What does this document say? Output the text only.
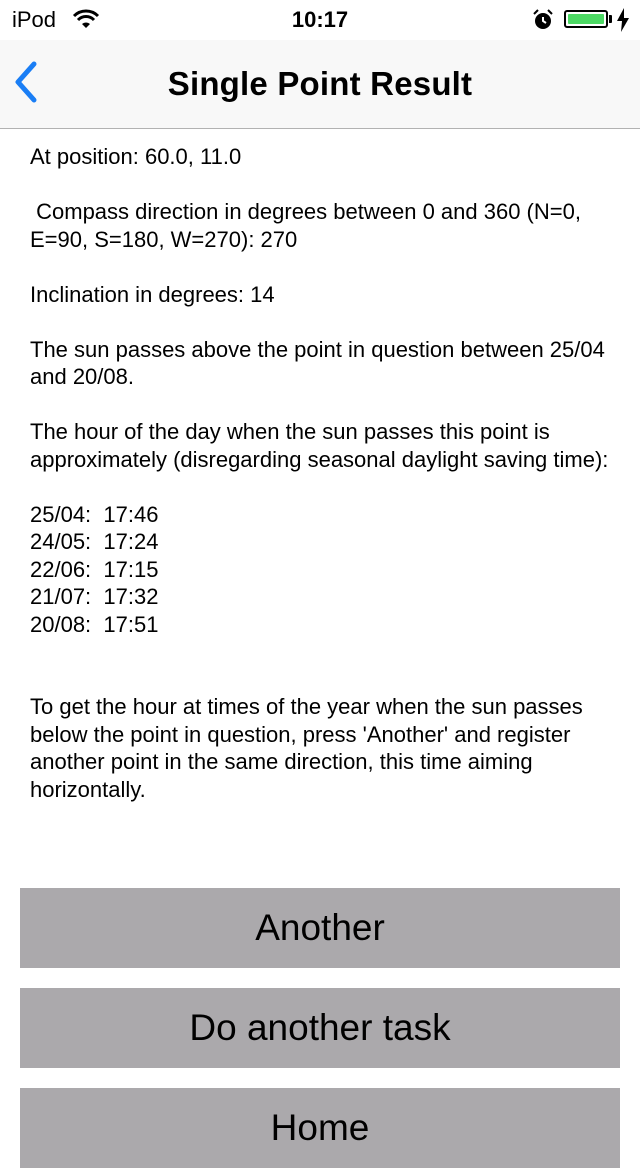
iPod	10:17
Single Point Result

At position: 60.0, 11.0

Compass direction in degrees between 0 and 360 (N=0, E=90, S=180, W=270): 270

Inclination in degrees: 14

The sun passes above the point in question between 25/04 and 20/08.

The hour of the day when the sun passes this point is approximately (disregarding seasonal daylight saving time):

25/04:  17:46
24/05:  17:24
22/06:  17:15
21/07:  17:32
20/08:  17:51

To get the hour at times of the year when the sun passes below the point in question, press 'Another' and register another point in the same direction, this time aiming horizontally.

Another
Do another task
Home
